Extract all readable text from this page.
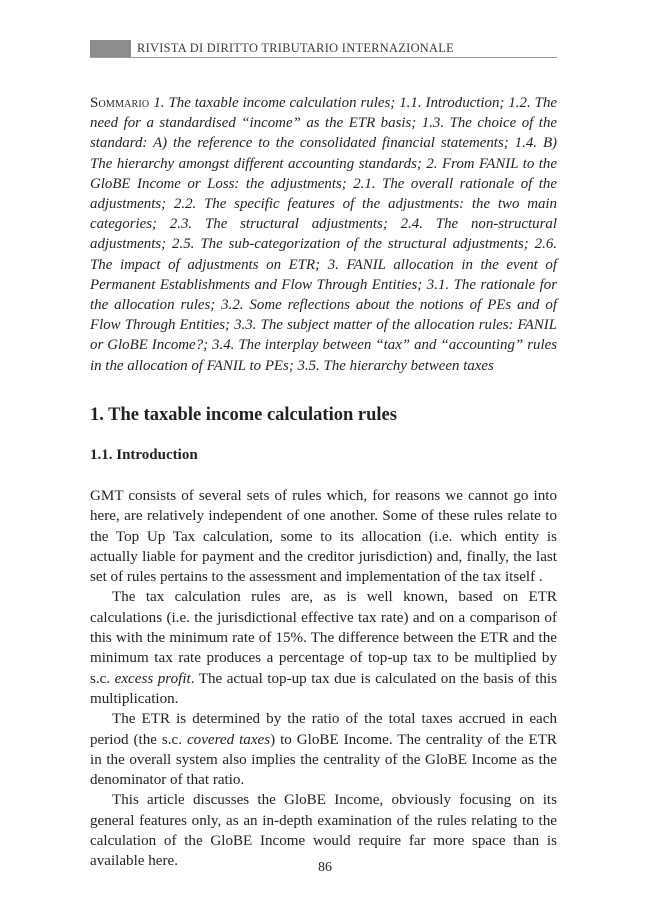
RIVISTA DI DIRITTO TRIBUTARIO INTERNAZIONALE
Sommario 1. The taxable income calculation rules; 1.1. Introduction; 1.2. The need for a standardised “income” as the ETR basis; 1.3. The choice of the standard: A) the reference to the consolidated financial statements; 1.4. B) The hierarchy amongst different accounting standards; 2. From FANIL to the GloBE Income or Loss: the adjustments; 2.1. The overall rationale of the adjustments; 2.2. The specific features of the adjustments: the two main categories; 2.3. The structural adjustments; 2.4. The non-structural adjustments; 2.5. The sub-categorization of the structural adjustments; 2.6. The impact of adjustments on ETR; 3. FANIL allocation in the event of Permanent Establishments and Flow Through Entities; 3.1. The rationale for the allocation rules; 3.2. Some reflections about the notions of PEs and of Flow Through Entities; 3.3. The subject matter of the allocation rules: FANIL or GloBE Income?; 3.4. The interplay between “tax” and “accounting” rules in the allocation of FANIL to PEs; 3.5. The hierarchy between taxes
1. The taxable income calculation rules
1.1. Introduction

GMT consists of several sets of rules which, for reasons we cannot go into here, are relatively independent of one another. Some of these rules relate to the Top Up Tax calculation, some to its allocation (i.e. which entity is actually liable for payment and the creditor jurisdiction) and, finally, the last set of rules pertains to the assessment and implementation of the tax itself .

The tax calculation rules are, as is well known, based on ETR calculations (i.e. the jurisdictional effective tax rate) and on a comparison of this with the minimum rate of 15%. The difference between the ETR and the minimum tax rate produces a percentage of top-up tax to be multiplied by s.c. excess profit. The actual top-up tax due is calculated on the basis of this multiplication.

The ETR is determined by the ratio of the total taxes accrued in each period (the s.c. covered taxes) to GloBE Income. The centrality of the ETR in the overall system also implies the centrality of the GloBE Income as the denominator of that ratio.

This article discusses the GloBE Income, obviously focusing on its general features only, as an in-depth examination of the rules relating to the calculation of the GloBE Income would require far more space than is available here.	86
